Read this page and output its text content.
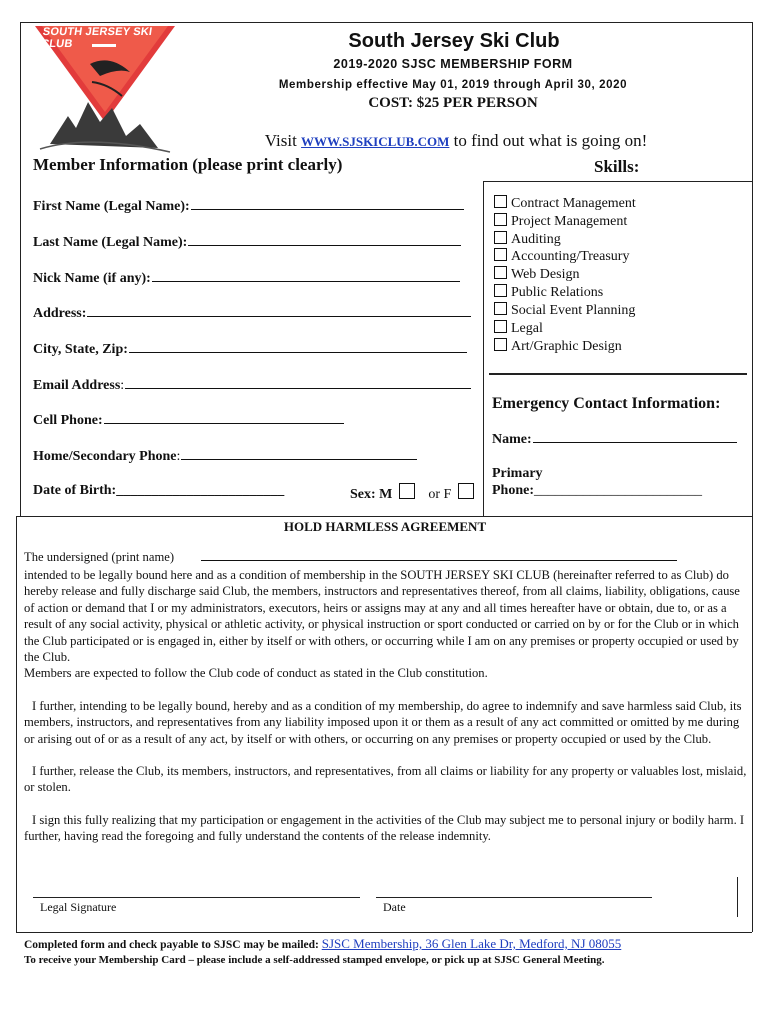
SOUTH JERSEY SKI CLUB	South Jersey Ski Club
2019-2020 SJSC MEMBERSHIP FORM
Membership effective May 01, 2019 through April 30, 2020
COST: $25 PER PERSON
Visit WWW.SJSKICLUB.COM to find out what is going on!
Member Information (please print clearly)
First Name (Legal Name):
Last Name (Legal Name):
Nick Name (if any):
Address:
City, State, Zip:
Email Address:
Cell Phone:
Home/Secondary Phone:
Date of Birth:________________________	Sex: M	or F
Skills:
Contract Management
Project Management
Auditing
Accounting/Treasury
Web Design
Public Relations
Social Event Planning
Legal
Art/Graphic Design
Emergency Contact Information:
Name:
Primary
Phone:________________________
HOLD HARMLESS AGREEMENT
The undersigned (print name)

intended to be legally bound here and as a condition of membership in the SOUTH JERSEY SKI CLUB (hereinafter referred to as Club) do hereby release and fully discharge said Club, the members, instructors and representatives thereof, from all claims, liability, obligations, cause of action or demand that I or my administrators, executors, heirs or assigns may at any and all times hereafter have or obtain, due to, or as a result of any social activity, physical or athletic activity, or physical instruction or sport conducted or carried on by or for the Club or in which the Club participated or is engaged in, either by itself or with others, or occurring while I am on any premises or property occupied or used by the Club.

Members are expected to follow the Club code of conduct as stated in the Club constitution.

I further, intending to be legally bound, hereby and as a condition of my membership, do agree to indemnify and save harmless said Club, its members, instructors, and representatives from any liability imposed upon it or them as a result of any act committed or omitted by me during or arising out of or as a result of any act, by itself or with others, or occurring on any premises or property occupied or used by the Club.

I further, release the Club, its members, instructors, and representatives, from all claims or liability for any property or valuables lost, mislaid, or stolen.

I sign this fully realizing that my participation or engagement in the activities of the Club may subject me to personal injury or bodily harm. I further, having read the foregoing and fully understand the contents of the release indemnity.

Legal Signature	Date
Completed form and check payable to SJSC may be mailed: SJSC Membership, 36 Glen Lake Dr, Medford, NJ 08055
To receive your Membership Card – please include a self-addressed stamped envelope, or pick up at SJSC General Meeting.
